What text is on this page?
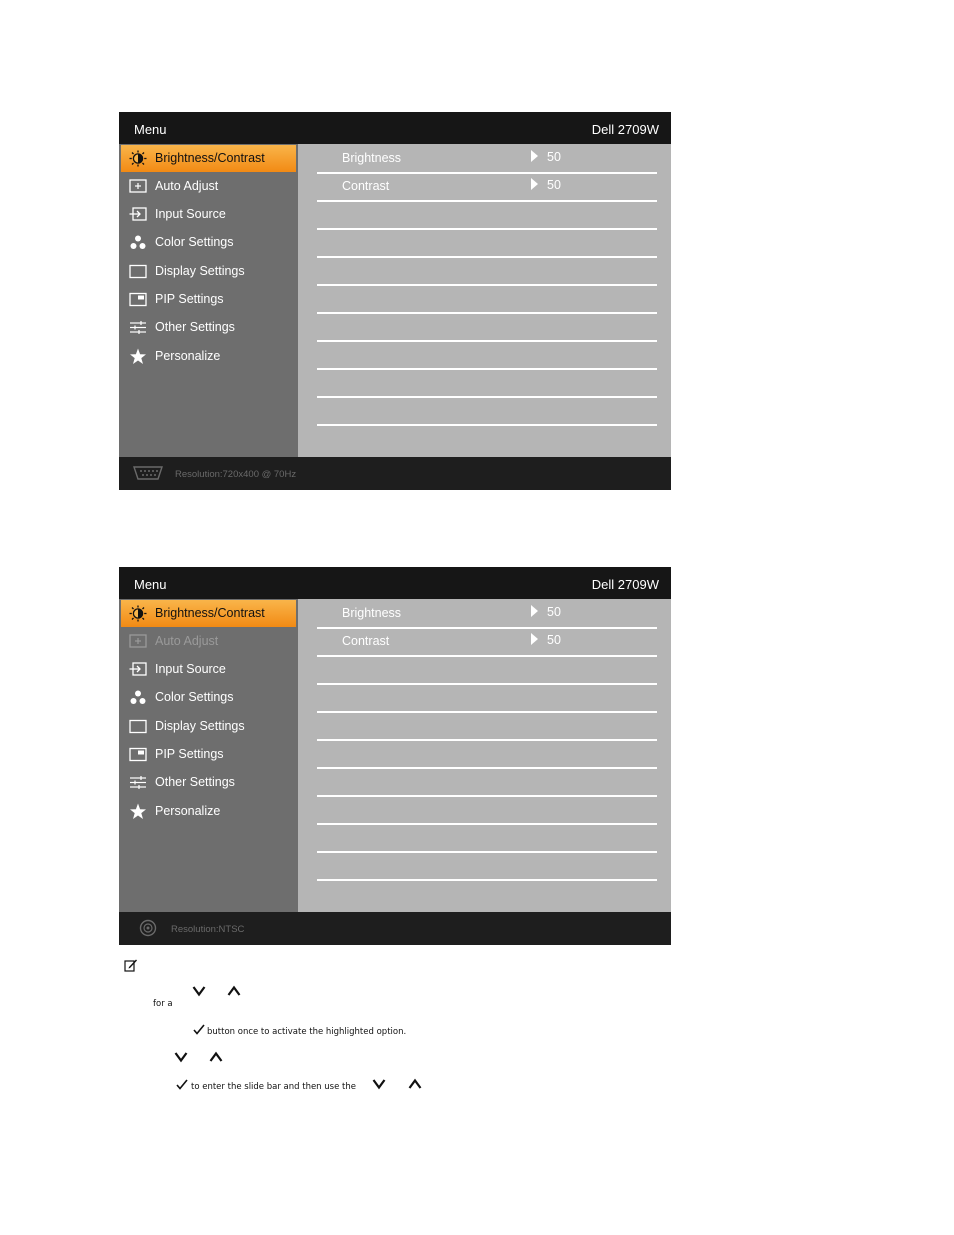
Menu	Dell 2709W
Brightness/Contrast
Auto Adjust
Input Source
Color Settings
Display Settings
PIP Settings
Other Settings
Personalize
Brightness	50
Contrast	50
Resolution:720x400 @ 70Hz
Menu	Dell 2709W
Brightness/Contrast
Auto Adjust
Input Source
Color Settings
Display Settings
PIP Settings
Other Settings
Personalize
Brightness	50
Contrast	50
Resolution:NTSC
for a
button once to activate the highlighted option.
to enter the slide bar and then use the
